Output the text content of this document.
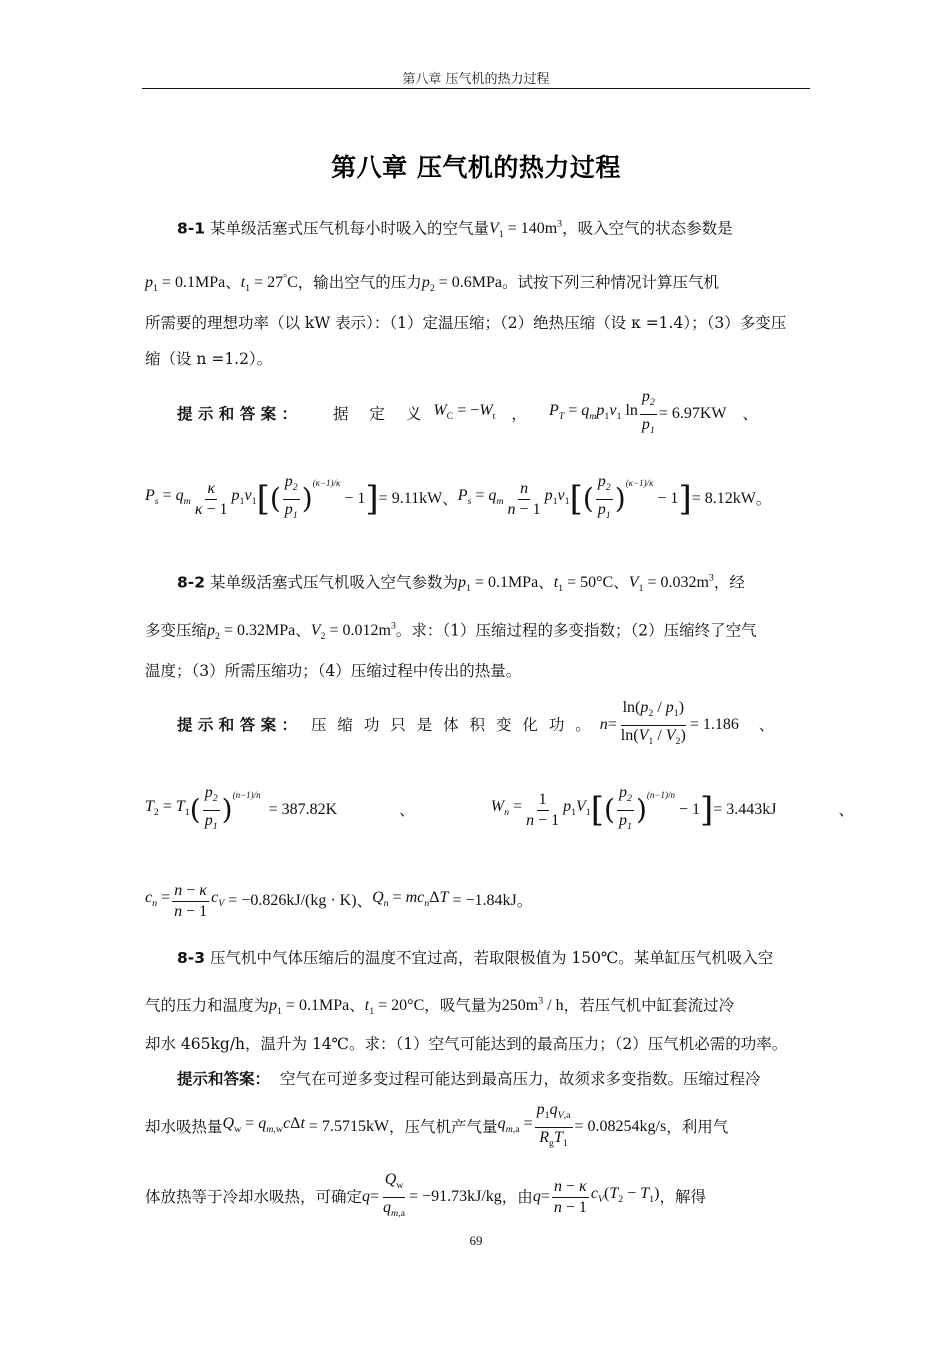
第八章 压气机的热力过程
第八章 压气机的热力过程
8-1 某单级活塞式压气机每小时吸入的空气量$V_1 = 140m^3$，吸入空气的状态参数是
$p_1 = 0.1MPa$、$t_1 = 27^\circ C$，输出空气的压力$p_2 = 0.6MPa$。试按下列三种情况计算压气机
所需要的理想功率（以 kW 表示）：（1）定温压缩；（2）绝热压缩（设 κ =1.4）；（3）多变压
缩（设 n =1.2）。
提 示 和 答 案 ： 据 定 义 $W_C = -W_t$ ， $P_T = q_mp_1v_1$ $\ln \frac{p_2}{p_1} = 6.97KW$ 、
$P_s = q_m \frac{\kappa}{\kappa - 1} p_1v_1$ [ ( $\frac{p_2}{p_1} )^{(\kappa-1)/\kappa}$
− 1 ] = 9.11kW 、 $P_s = q_m \frac{n}{n - 1} p_1v_1$ [ ( $\frac{p_2}{p_1} )^{(\kappa-1)/\kappa}$
− 1 ] = 8.12kW 。
8-2 某单级活塞式压气机吸入空气参数为$p_1 = 0.1MPa$、$t_1 = 50^\circ C$、$V_1 = 0.032m^3$，经
多变压缩$p_2 = 0.32MPa$、$V_2 = 0.012m^3$。求：（1）压缩过程的多变指数；（2）压缩终了空气
温度；（3）所需压缩功；（4）压缩过程中传出的热量。
提 示 和 答 案 ： 压 缩 功 只 是 体 积 变 化 功 。 $n = \frac{\ln(p_2 / p_1)}{\ln(V_1 / V_2)} = 1.186$ 、
$T_2 = T_1$ ( $\frac{p_2}{p_1} )^{(n-1)/n}$
= 387.82K	、	$W_n = \frac{1}{n - 1} p_1V_1$ [ ( $\frac{p_2}{p_1} )^{(n-1)/n}$
− 1 ] = 3.443kJ	、
$c_n = \frac{n - \kappa}{n - 1} c_V = -0.826kJ/(kg \cdot K)$ 、 $Q_n = mc_n\Delta T = -1.84kJ$ 。
8-3 压气机中气体压缩后的温度不宜过高，若取限极值为 150℃。某单缸压气机吸入空
气的压力和温度为$p_1 = 0.1MPa$、$t_1 = 20^\circ C$，吸气量为$250m^3$ / h，若压气机中缸套流过冷
却水 465kg/h，温升为 14℃。求：（1）空气可能达到的最高压力；（2）压气机必需的功率。
提示和答案： 空气在可逆多变过程可能达到最高压力，故须求多变指数。压缩过程冷
却水吸热量 $Q_w = q_{m,w}c\Delta t = 7.5715kW$ ，压气机产气量 $q_{m,a} = \frac{p_1q_{V,a}}{R_gT_1} = 0.08254kg/s$ ，利用气
体放热等于冷却水吸热，可确定 $q = \frac{Q_w}{q_{m,a}} = -91.73kJ/kg$ ，由 $q = \frac{n - \kappa}{n - 1} c_V(T_2 - T_1)$ ，解得
69
